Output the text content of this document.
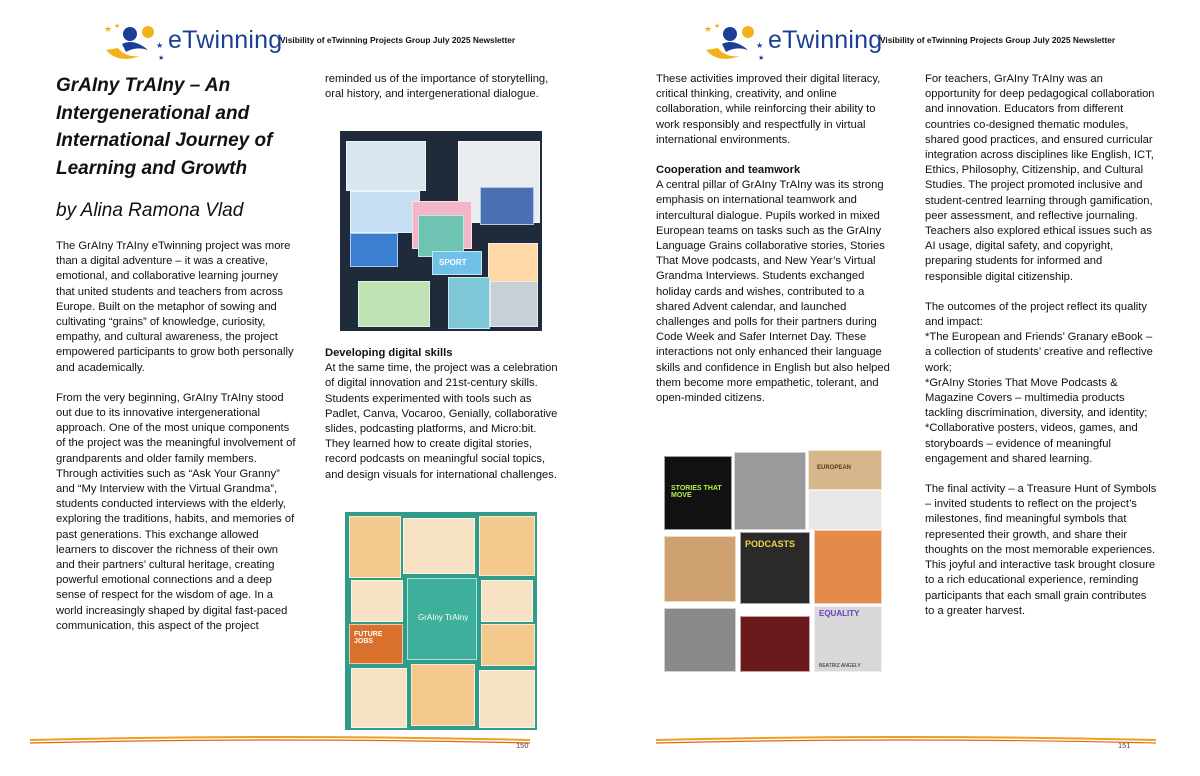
★ ★
★
★
eTwinning
Visibility of eTwinning Projects Group July 2025 Newsletter

GrAIny TrAIny – An Intergenerational and International Journey of Learning and Growth

by Alina Ramona Vlad

The GrAIny TrAIny eTwinning project was more than a digital adventure – it was a creative, emotional, and collaborative learning journey that united students and teachers from across Europe. Built on the metaphor of sowing and cultivating “grains” of knowledge, curiosity, empathy, and cultural awareness, the project empowered participants to grow both personally and academically.

From the very beginning, GrAIny TrAIny stood out due to its innovative intergenerational approach. One of the most unique components of the project was the meaningful involvement of grandparents and older family members. Through activities such as “Ask Your Granny” and “My Interview with the Virtual Grandma”, students conducted interviews with the elderly, exploring the traditions, habits, and memories of past generations. This exchange allowed learners to discover the richness of their own and their partners’ cultural heritage, creating powerful emotional connections and a deep sense of respect for the wisdom of age. In a world increasingly shaped by digital fast-paced communication, this aspect of the project

reminded us of the importance of storytelling, oral history, and intergenerational dialogue.

SPORT
Developing digital skills

At the same time, the project was a celebration of digital innovation and 21st-century skills. Students experimented with tools such as Padlet, Canva, Vocaroo, Genially, collaborative slides, podcasting platforms, and Micro:bit. They learned how to create digital stories, record podcasts on meaningful social topics, and design visuals for international challenges.

GrAIny TrAIny
FUTURE JOBS
150
★ ★
★
★
eTwinning
Visibility of eTwinning Projects Group July 2025 Newsletter

These activities improved their digital literacy, critical thinking, creativity, and online collaboration, while reinforcing their ability to work responsibly and respectfully in virtual international environments.

Cooperation and teamwork

A central pillar of GrAIny TrAIny was its strong emphasis on international teamwork and intercultural dialogue. Pupils worked in mixed European teams on tasks such as the GrAIny Language Grains collaborative stories, Stories That Move podcasts, and New Year’s Virtual Grandma Interviews. Students exchanged holiday cards and wishes, contributed to a shared Advent calendar, and launched challenges and polls for their partners during Code Week and Safer Internet Day. These interactions not only enhanced their language skills and confidence in English but also helped them become more empathetic, tolerant, and open-minded citizens.

STORIES THAT MOVE
EUROPEAN
PODCASTS
EQUALITY
BEATRIZ ANGELY

For teachers, GrAIny TrAIny was an opportunity for deep pedagogical collaboration and innovation. Educators from different countries co-designed thematic modules, shared good practices, and ensured curricular integration across disciplines like English, ICT, Ethics, Philosophy, Citizenship, and Cultural Studies. The project promoted inclusive and student-centred learning through gamification, peer assessment, and reflective journaling. Teachers also explored ethical issues such as AI usage, digital safety, and copyright, preparing students for informed and responsible digital citizenship.

The outcomes of the project reflect its quality and impact:
*The European and Friends’ Granary eBook – a collection of students’ creative and reflective work;
*GrAIny Stories That Move Podcasts & Magazine Covers – multimedia products tackling discrimination, diversity, and identity;

*Collaborative posters, videos, games, and storyboards – evidence of meaningful engagement and shared learning.

The final activity – a Treasure Hunt of Symbols – invited students to reflect on the project’s milestones, find meaningful symbols that represented their growth, and share their thoughts on the most memorable experiences. This joyful and interactive task brought closure to a rich educational experience, reminding participants that each small grain contributes to a greater harvest.

151
